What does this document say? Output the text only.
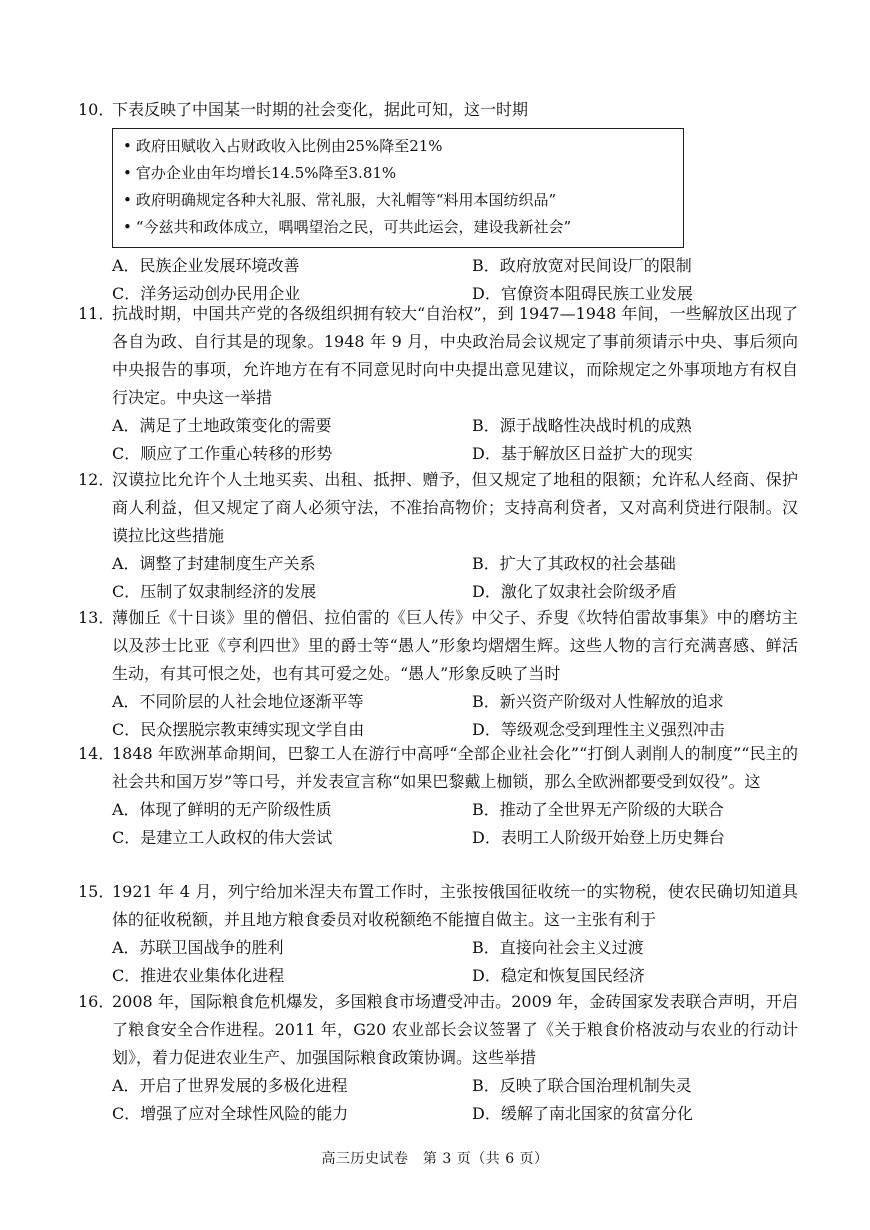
10．
下表反映了中国某一时期的社会变化，据此可知，这一时期
• 政府田赋收入占财政收入比例由25%降至21%
• 官办企业由年均增长14.5%降至3.81%
• 政府明确规定各种大礼服、常礼服，大礼帽等“料用本国纺织品”
• “今兹共和政体成立，喁喁望治之民，可共此运会，建设我新社会”
A．民族企业发展环境改善	B．政府放宽对民间设厂的限制
C．洋务运动创办民用企业	D．官僚资本阻碍民族工业发展
11．
抗战时期，中国共产党的各级组织拥有较大“自治权”，到 1947—1948 年间，一些解放区出现了各自为政、自行其是的现象。1948 年 9 月，中央政治局会议规定了事前须请示中央、事后须向中央报告的事项，允许地方在有不同意见时向中央提出意见建议，而除规定之外事项地方有权自行决定。中央这一举措
A．满足了土地政策变化的需要	B．源于战略性决战时机的成熟
C．顺应了工作重心转移的形势	D．基于解放区日益扩大的现实
12．
汉谟拉比允许个人土地买卖、出租、抵押、赠予，但又规定了地租的限额；允许私人经商、保护商人利益，但又规定了商人必须守法，不准抬高物价；支持高利贷者，又对高利贷进行限制。汉谟拉比这些措施
A．调整了封建制度生产关系	B．扩大了其政权的社会基础
C．压制了奴隶制经济的发展	D．激化了奴隶社会阶级矛盾
13．
薄伽丘《十日谈》里的僧侣、拉伯雷的《巨人传》中父子、乔叟《坎特伯雷故事集》中的磨坊主以及莎士比亚《亨利四世》里的爵士等“愚人”形象均熠熠生辉。这些人物的言行充满喜感、鲜活生动，有其可恨之处，也有其可爱之处。“愚人”形象反映了当时
A．不同阶层的人社会地位逐渐平等	B．新兴资产阶级对人性解放的追求
C．民众摆脱宗教束缚实现文学自由	D．等级观念受到理性主义强烈冲击
14．
1848 年欧洲革命期间，巴黎工人在游行中高呼“全部企业社会化”“打倒人剥削人的制度”“民主的社会共和国万岁”等口号，并发表宣言称“如果巴黎戴上枷锁，那么全欧洲都要受到奴役”。这
A．体现了鲜明的无产阶级性质	B．推动了全世界无产阶级的大联合
C．是建立工人政权的伟大尝试	D．表明工人阶级开始登上历史舞台
15．
1921 年 4 月，列宁给加米涅夫布置工作时，主张按俄国征收统一的实物税，使农民确切知道具体的征收税额，并且地方粮食委员对收税额绝不能擅自做主。这一主张有利于
A．苏联卫国战争的胜利	B．直接向社会主义过渡
C．推进农业集体化进程	D．稳定和恢复国民经济
16．
2008 年，国际粮食危机爆发，多国粮食市场遭受冲击。2009 年，金砖国家发表联合声明，开启了粮食安全合作进程。2011 年，G20 农业部长会议签署了《关于粮食价格波动与农业的行动计划》，着力促进农业生产、加强国际粮食政策协调。这些举措
A．开启了世界发展的多极化进程	B．反映了联合国治理机制失灵
C．增强了应对全球性风险的能力	D．缓解了南北国家的贫富分化
高三历史试卷　第 3 页（共 6 页）
